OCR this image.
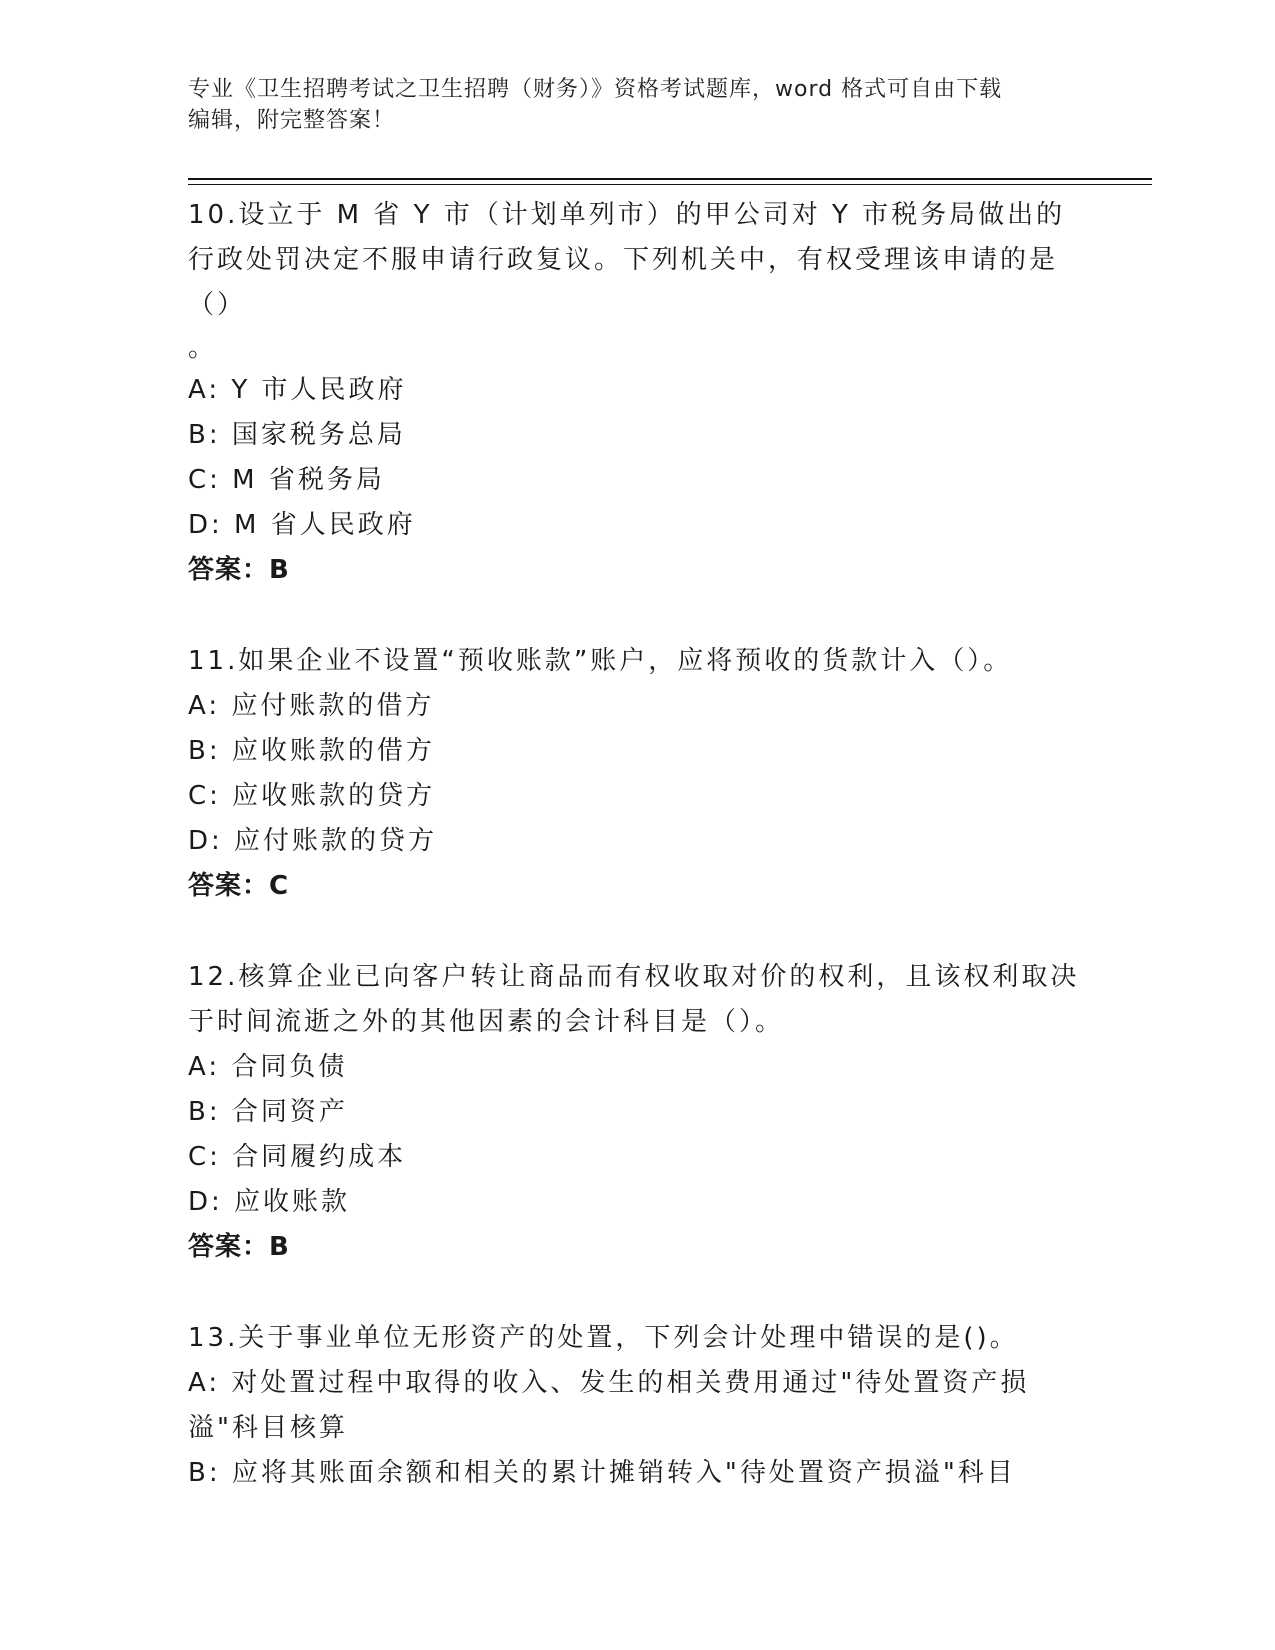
专业《卫生招聘考试之卫生招聘（财务）》资格考试题库，word 格式可自由下载
编辑，附完整答案！

10.设立于 M 省 Y 市（计划单列市）的甲公司对 Y 市税务局做出的行政处罚决定不服申请行政复议。下列机关中，有权受理该申请的是（）

。

A: Y 市人民政府

B: 国家税务总局

C: M 省税务局

D: M 省人民政府

答案：B

11.如果企业不设置“预收账款”账户，应将预收的货款计入（）。

A: 应付账款的借方

B: 应收账款的借方

C: 应收账款的贷方

D: 应付账款的贷方

答案：C

12.核算企业已向客户转让商品而有权收取对价的权利，且该权利取决于时间流逝之外的其他因素的会计科目是（）。

A: 合同负债

B: 合同资产

C: 合同履约成本

D: 应收账款

答案：B

13.关于事业单位无形资产的处置，下列会计处理中错误的是()。

A: 对处置过程中取得的收入、发生的相关费用通过"待处置资产损溢"科目核算

B: 应将其账面余额和相关的累计摊销转入"待处置资产损溢"科目
